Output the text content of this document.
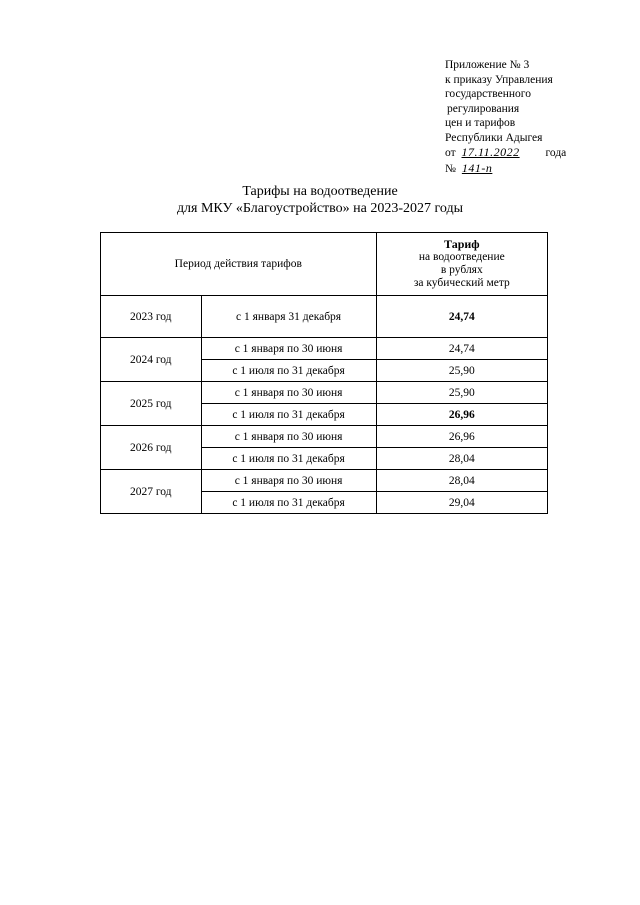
Приложение № 3
к приказу Управления
государственного
регулирования
цен и тарифов
Республики Адыгея
от 17.11.2022 года
№ 141-п
Тарифы на водоотведение
для МКУ «Благоустройство» на 2023-2027 годы
Период действия тарифов		Тариф
на водоотведение
в рублях
за кубический метр

2023 год	с 1 января 31 декабря	24,74
2024 год	с 1 января по 30 июня	24,74
	с 1 июля по 31 декабря	25,90
2025 год	с 1 января по 30 июня	25,90
	с 1 июля по 31 декабря	26,96
2026 год	с 1 января по 30 июня	26,96
	с 1 июля по 31 декабря	28,04
2027 год	с 1 января по 30 июня	28,04
	с 1 июля по 31 декабря	29,04
